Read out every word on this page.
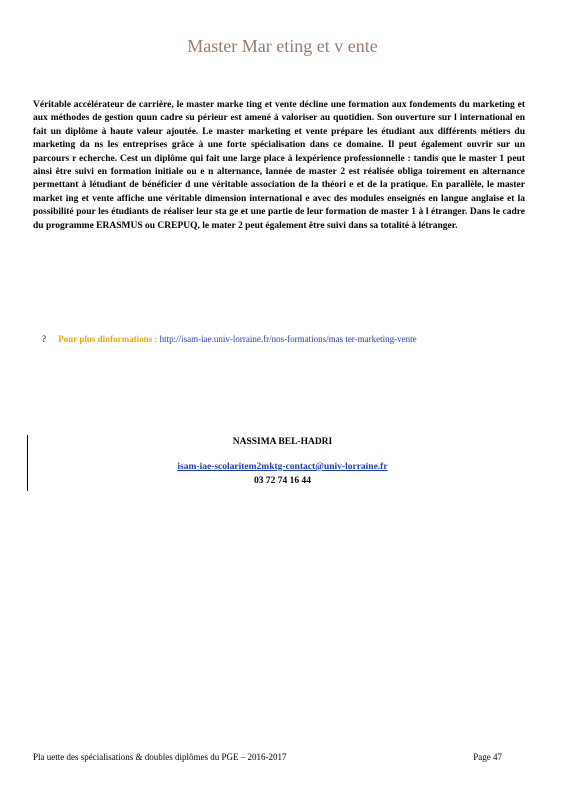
Master Mar eting et v ente
Véritable accélérateur de carrière, le master marke ting et vente décline une formation aux fondements du marketing et aux méthodes de gestion quun cadre su périeur est amené à valoriser au quotidien. Son ouverture sur l international en fait un diplôme à haute valeur ajoutée. Le master marketing et vente prépare les étudiant aux différents métiers du marketing da ns les entreprises grâce à une forte spécialisation dans ce domaine. Il peut également ouvrir sur un parcours r echerche. Cest un diplôme qui fait une large place à lexpérience professionnelle : tandis que le master 1 peut ainsi être suivi en formation initiale ou e n alternance, lannée de master 2 est réalisée obliga toirement en alternance permettant à létudiant de bénéficier d une véritable association de la théori e et de la pratique. En parallèle, le master market ing et vente affiche une véritable dimension international e avec des modules enseignés en langue anglaise et la possibilité pour les étudiants de réaliser leur sta ge et une partie de leur formation de master 1 à l étranger. Dans le cadre du programme ERASMUS ou CREPUQ, le mater 2 peut également être suivi dans sa totalité à létranger.
? Pour plus dinformations : http://isam-iae.univ-lorraine.fr/nos-formations/mas ter-marketing-vente
NASSIMA BEL-HADRI
isam-iae-scolaritem2mktg-contact@univ-lorraine.fr
03 72 74 16 44
Pla uette des spécialisations & doubles diplômes du PGE – 2016-2017	Page 47
